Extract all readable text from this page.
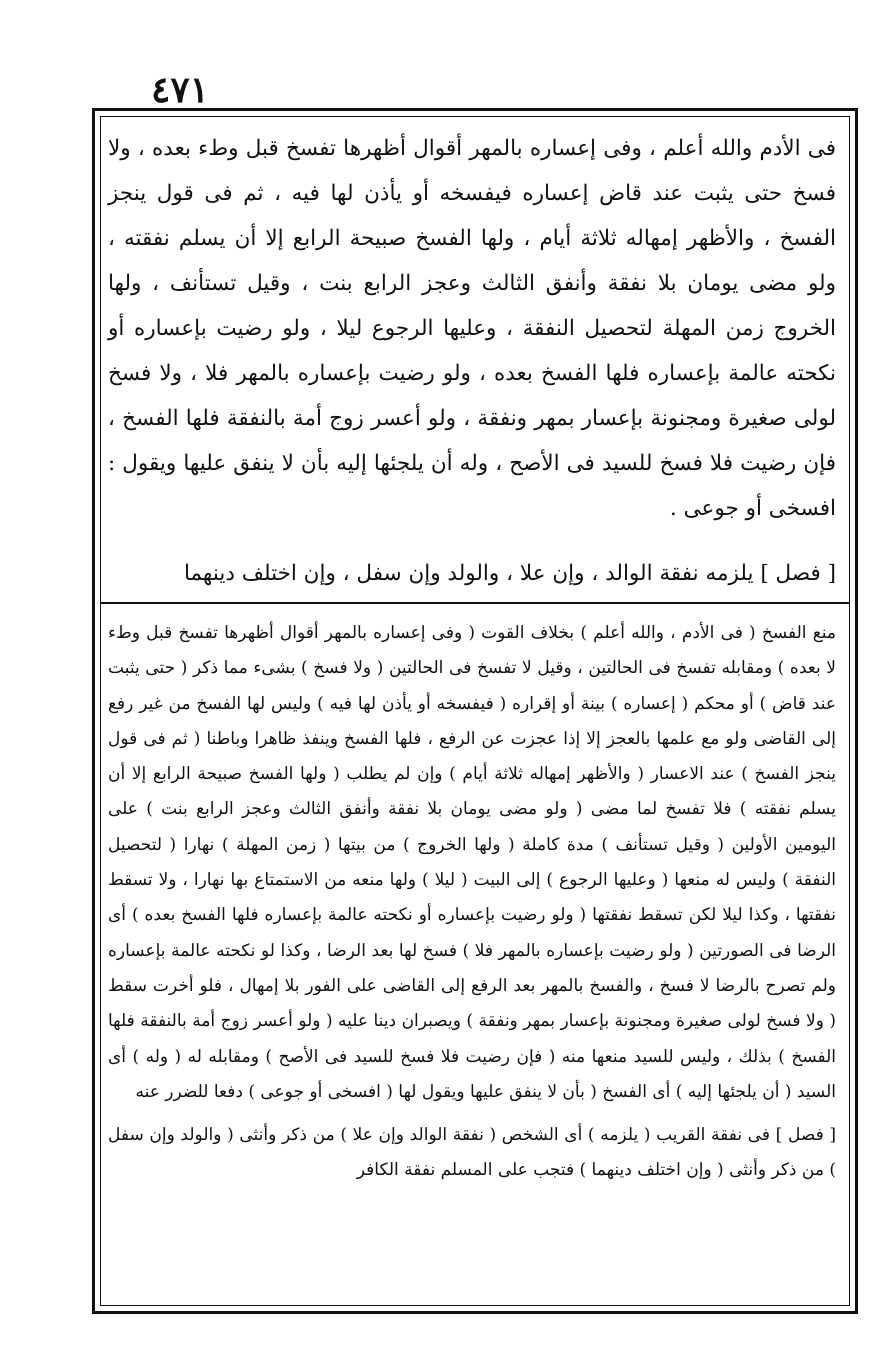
٤٧١

فى الأدم والله أعلم ، وفى إعساره بالمهر أقوال أظهرها تفسخ قبل وطء بعده ، ولا فسخ حتى يثبت عند قاض إعساره فيفسخه أو يأذن لها فيه ، ثم فى قول ينجز الفسخ ، والأظهر إمهاله ثلاثة أيام ، ولها الفسخ صبيحة الرابع إلا أن يسلم نفقته ، ولو مضى يومان بلا نفقة وأنفق الثالث وعجز الرابع بنت ، وقيل تستأنف ، ولها الخروج زمن المهلة لتحصيل النفقة ، وعليها الرجوع ليلا ، ولو رضيت بإعساره أو نكحته عالمة بإعساره فلها الفسخ بعده ، ولو رضيت بإعساره بالمهر فلا ، ولا فسخ لولى صغيرة ومجنونة بإعسار بمهر ونفقة ، ولو أعسر زوج أمة بالنفقة فلها الفسخ ، فإن رضيت فلا فسخ للسيد فى الأصح ، وله أن يلجئها إليه بأن لا ينفق عليها ويقول : افسخى أو جوعى .

[ فصل ] يلزمه نفقة الوالد ، وإن علا ، والولد وإن سفل ، وإن اختلف دينهما

منع الفسخ ( فى الأدم ، والله أعلم ) بخلاف القوت ( وفى إعساره بالمهر أقوال أظهرها تفسخ قبل وطء لا بعده ) ومقابله تفسخ فى الحالتين ، وقيل لا تفسخ فى الحالتين ( ولا فسخ ) بشىء مما ذكر ( حتى يثبت عند قاض ) أو محكم ( إعساره ) بينة أو إقراره ( فيفسخه أو يأذن لها فيه ) وليس لها الفسخ من غير رفع إلى القاضى ولو مع علمها بالعجز إلا إذا عجزت عن الرفع ، فلها الفسخ وينفذ ظاهرا وباطنا ( ثم فى قول ينجز الفسخ ) عند الاعسار ( والأظهر إمهاله ثلاثة أيام ) وإن لم يطلب ( ولها الفسخ صبيحة الرابع إلا أن يسلم نفقته ) فلا تفسخ لما مضى ( ولو مضى يومان بلا نفقة وأنفق الثالث وعجز الرابع بنت ) على اليومين الأولين ( وقيل تستأنف ) مدة كاملة ( ولها الخروج ) من بيتها ( زمن المهلة ) نهارا ( لتحصيل النفقة ) وليس له منعها ( وعليها الرجوع ) إلى البيت ( ليلا ) ولها منعه من الاستمتاع بها نهارا ، ولا تسقط نفقتها ، وكذا ليلا لكن تسقط نفقتها ( ولو رضيت بإعساره أو نكحته عالمة بإعساره فلها الفسخ بعده ) أى الرضا فى الصورتين ( ولو رضيت بإعساره بالمهر فلا ) فسخ لها بعد الرضا ، وكذا لو نكحته عالمة بإعساره ولم تصرح بالرضا لا فسخ ، والفسخ بالمهر بعد الرفع إلى القاضى على الفور بلا إمهال ، فلو أخرت سقط ( ولا فسخ لولى صغيرة ومجنونة بإعسار بمهر ونفقة ) ويصبران دينا عليه ( ولو أعسر زوج أمة بالنفقة فلها الفسخ ) بذلك ، وليس للسيد منعها منه ( فإن رضيت فلا فسخ للسيد فى الأصح ) ومقابله له ( وله ) أى السيد ( أن يلجئها إليه ) أى الفسخ ( بأن لا ينفق عليها ويقول لها ( افسخى أو جوعى ) دفعا للضرر عنه

[ فصل ] فى نفقة القريب ( يلزمه ) أى الشخص ( نفقة الوالد وإن علا ) من ذكر وأنثى ( والولد وإن سفل ) من ذكر وأنثى ( وإن اختلف دينهما ) فتجب على المسلم نفقة الكافر
